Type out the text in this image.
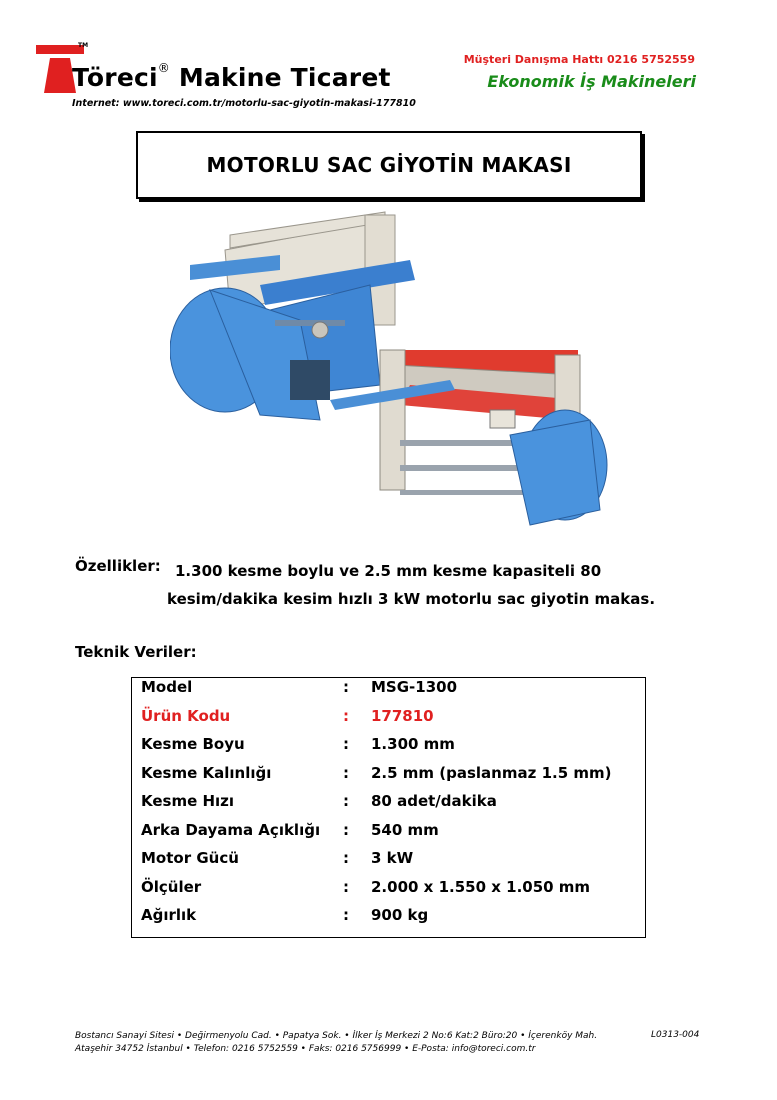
TM
Töreci® Makine Ticaret
Internet: www.toreci.com.tr/motorlu-sac-giyotin-makasi-177810
Müşteri Danışma Hattı 0216 5752559
Ekonomik İş Makineleri
MOTORLU SAC GİYOTİN MAKASI
Özellikler: 1.300 kesme boylu ve 2.5 mm kesme kapasiteli 80
kesim/dakika kesim hızlı 3 kW motorlu sac giyotin makas.
Teknik Veriler:
Model	: MSG-1300
Ürün Kodu	: 177810
Kesme Boyu	: 1.300 mm
Kesme Kalınlığı	: 2.5 mm (paslanmaz 1.5 mm)
Kesme Hızı	: 80 adet/dakika
Arka Dayama Açıklığı : 540 mm
Motor Gücü	: 3 kW
Ölçüler	: 2.000 x 1.550 x 1.050 mm
Ağırlık	: 900 kg
Bostancı Sanayi Sitesi • Değirmenyolu Cad. • Papatya Sok. • İlker İş Merkezi 2 No:6 Kat:2 Büro:20 • İçerenköy Mah.
Ataşehir 34752 İstanbul • Telefon: 0216 5752559 • Faks: 0216 5756999 • E-Posta: info@toreci.com.tr
L0313-004
